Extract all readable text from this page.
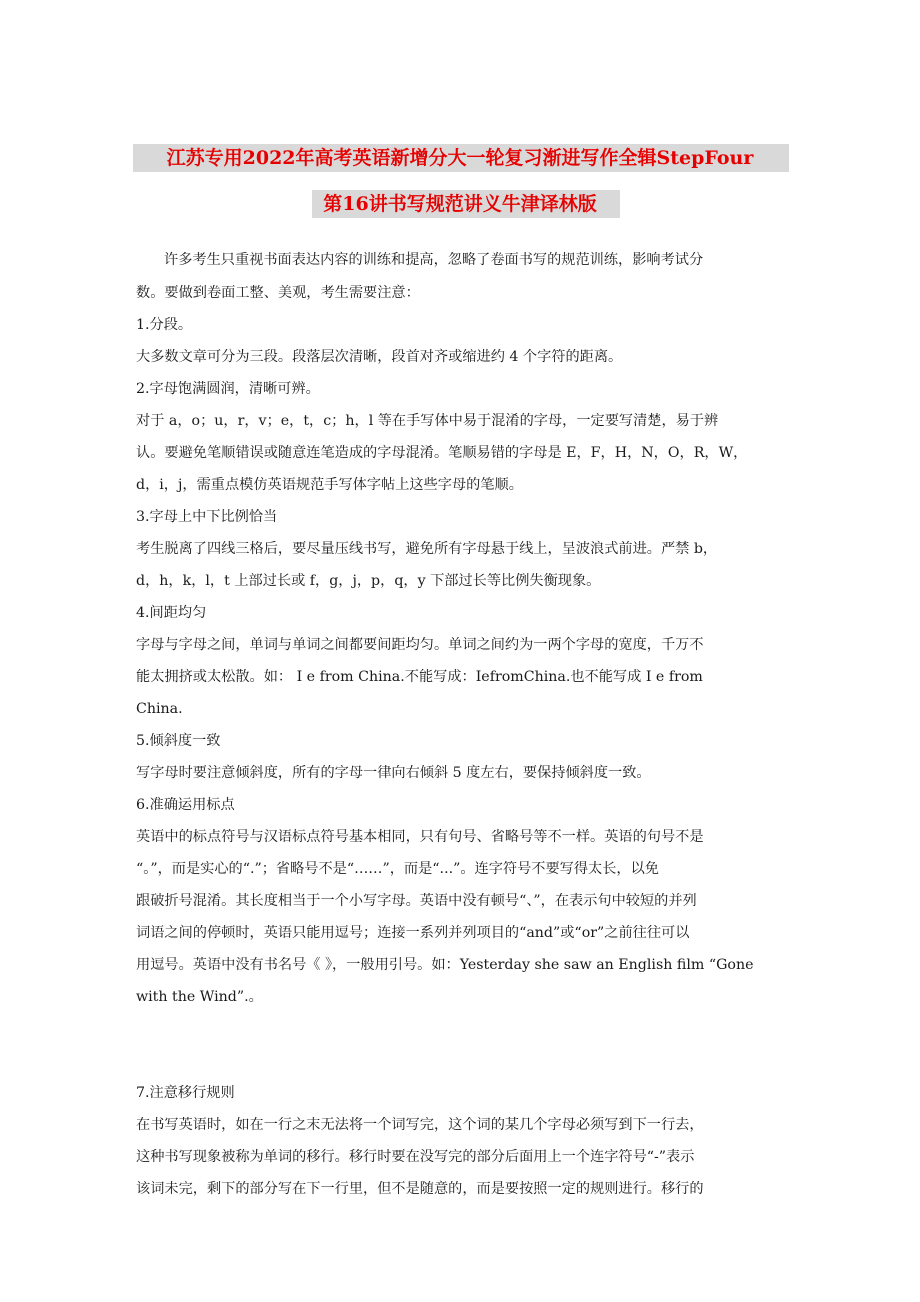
江苏专用2022年高考英语新增分大一轮复习渐进写作全辑StepFour
第16讲书写规范讲义牛津译林版
许多考生只重视书面表达内容的训练和提高，忽略了卷面书写的规范训练，影响考试分
数。要做到卷面工整、美观，考生需要注意：
1.分段。
大多数文章可分为三段。段落层次清晰，段首对齐或缩进约 4 个字符的距离。
2.字母饱满圆润，清晰可辨。
对于 a，o；u，r，v；e，t，c；h，l 等在手写体中易于混淆的字母，一定要写清楚，易于辨
认。要避免笔顺错误或随意连笔造成的字母混淆。笔顺易错的字母是 E，F，H，N，O，R，W，
d，i，j，需重点模仿英语规范手写体字帖上这些字母的笔顺。
3.字母上中下比例恰当
考生脱离了四线三格后，要尽量压线书写，避免所有字母悬于线上，呈波浪式前进。严禁 b，
d，h，k，l，t 上部过长或 f，g，j，p，q，y 下部过长等比例失衡现象。
4.间距均匀
字母与字母之间，单词与单词之间都要间距均匀。单词之间约为一两个字母的宽度，千万不
能太拥挤或太松散。如： I e from China.不能写成：IefromChina.也不能写成 I e from
China.
5.倾斜度一致
写字母时要注意倾斜度，所有的字母一律向右倾斜 5 度左右，要保持倾斜度一致。
6.准确运用标点
英语中的标点符号与汉语标点符号基本相同，只有句号、省略号等不一样。英语的句号不是
“。”，而是实心的“.”；省略号不是“……”，而是“...”。连字符号不要写得太长，以免
跟破折号混淆。其长度相当于一个小写字母。英语中没有顿号“、”，在表示句中较短的并列
词语之间的停顿时，英语只能用逗号；连接一系列并列项目的“and”或“or”之前往往可以
用逗号。英语中没有书名号《 》，一般用引号。如：Yesterday she saw an English film “Gone
with the Wind”.。
7.注意移行规则
在书写英语时，如在一行之末无法将一个词写完，这个词的某几个字母必须写到下一行去，
这种书写现象被称为单词的移行。移行时要在没写完的部分后面用上一个连字符号“-”表示
该词未完，剩下的部分写在下一行里，但不是随意的，而是要按照一定的规则进行。移行的
